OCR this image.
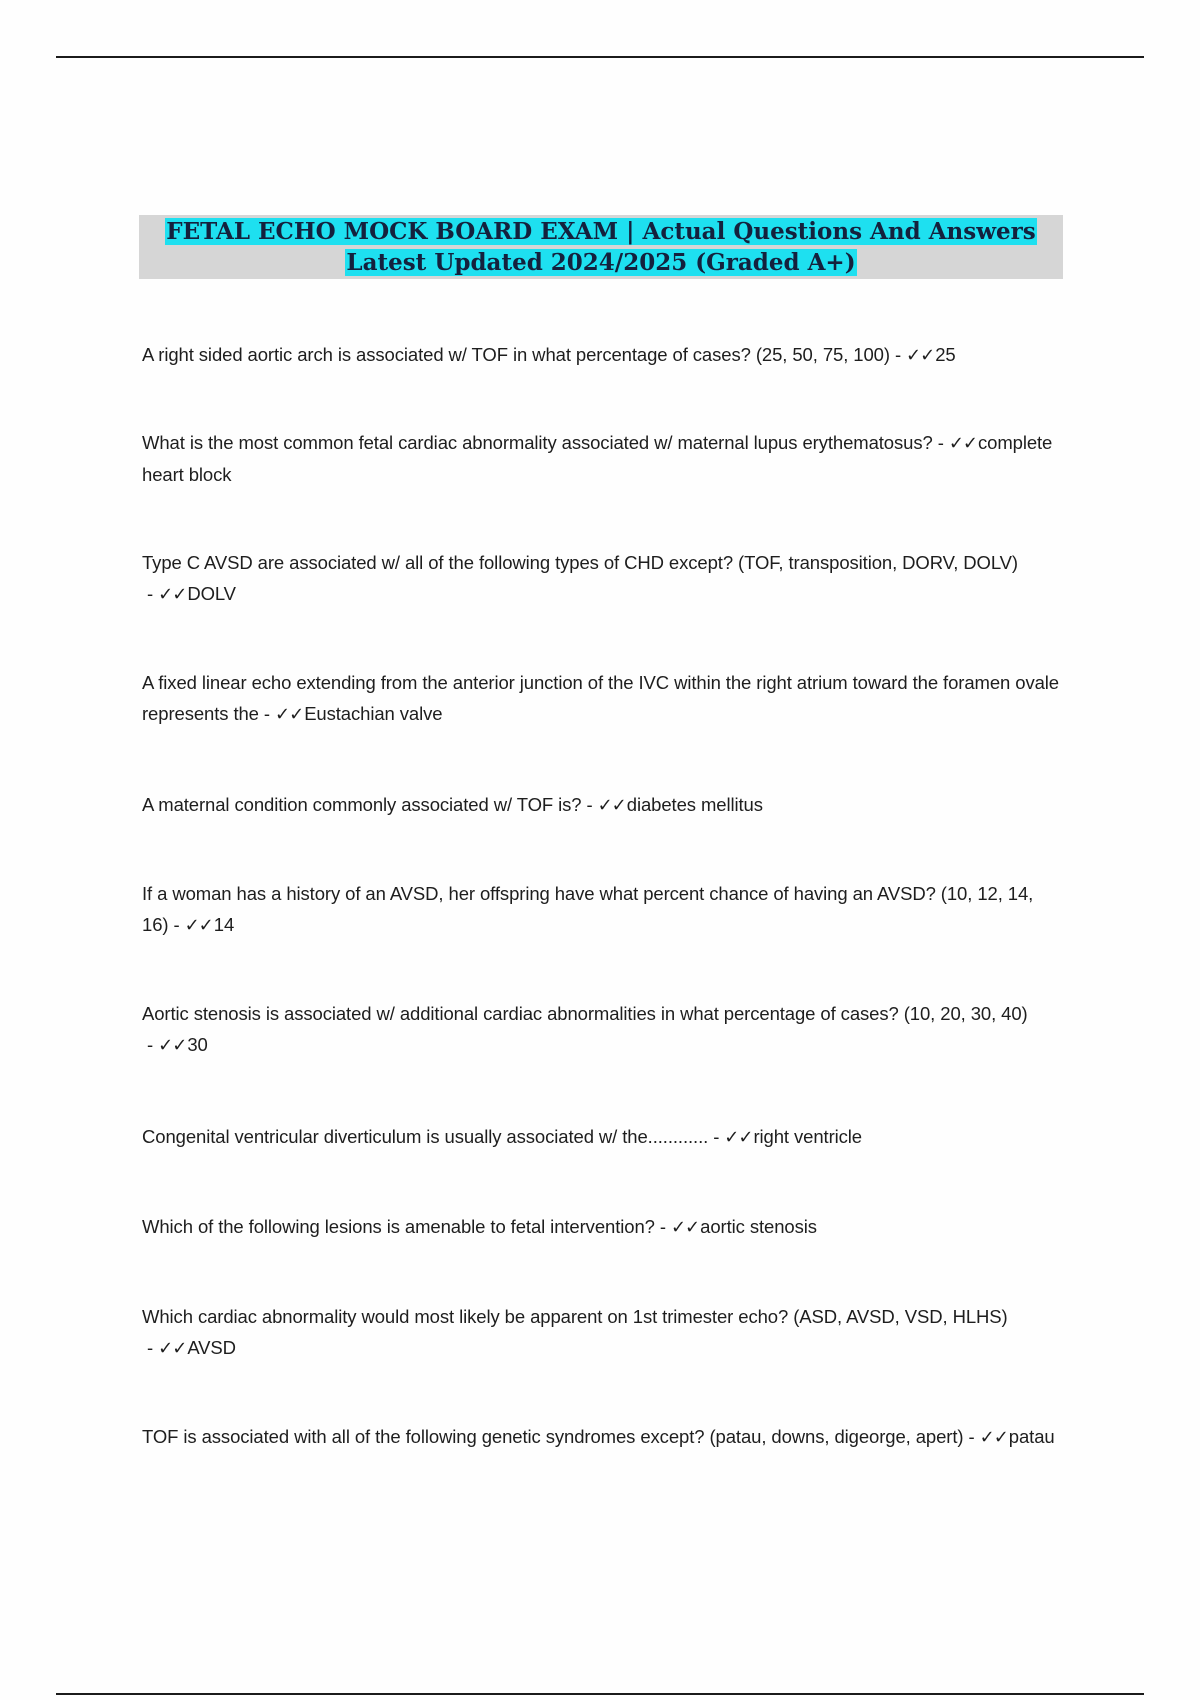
FETAL ECHO MOCK BOARD EXAM | Actual Questions And Answers
Latest Updated 2024/2025 (Graded A+)
A right sided aortic arch is associated w/ TOF in what percentage of cases? (25, 50, 75, 100) - ✓✓25
What is the most common fetal cardiac abnormality associated w/ maternal lupus erythematosus? - ✓✓complete heart block
Type C AVSD are associated w/ all of the following types of CHD except? (TOF, transposition, DORV, DOLV) - ✓✓DOLV
A fixed linear echo extending from the anterior junction of the IVC within the right atrium toward the foramen ovale represents the - ✓✓Eustachian valve
A maternal condition commonly associated w/ TOF is? - ✓✓diabetes mellitus
If a woman has a history of an AVSD, her offspring have what percent chance of having an AVSD? (10, 12, 14, 16) - ✓✓14
Aortic stenosis is associated w/ additional cardiac abnormalities in what percentage of cases? (10, 20, 30, 40) - ✓✓30
Congenital ventricular diverticulum is usually associated w/ the............ - ✓✓right ventricle
Which of the following lesions is amenable to fetal intervention? - ✓✓aortic stenosis
Which cardiac abnormality would most likely be apparent on 1st trimester echo? (ASD, AVSD, VSD, HLHS) - ✓✓AVSD
TOF is associated with all of the following genetic syndromes except? (patau, downs, digeorge, apert) - ✓✓patau
